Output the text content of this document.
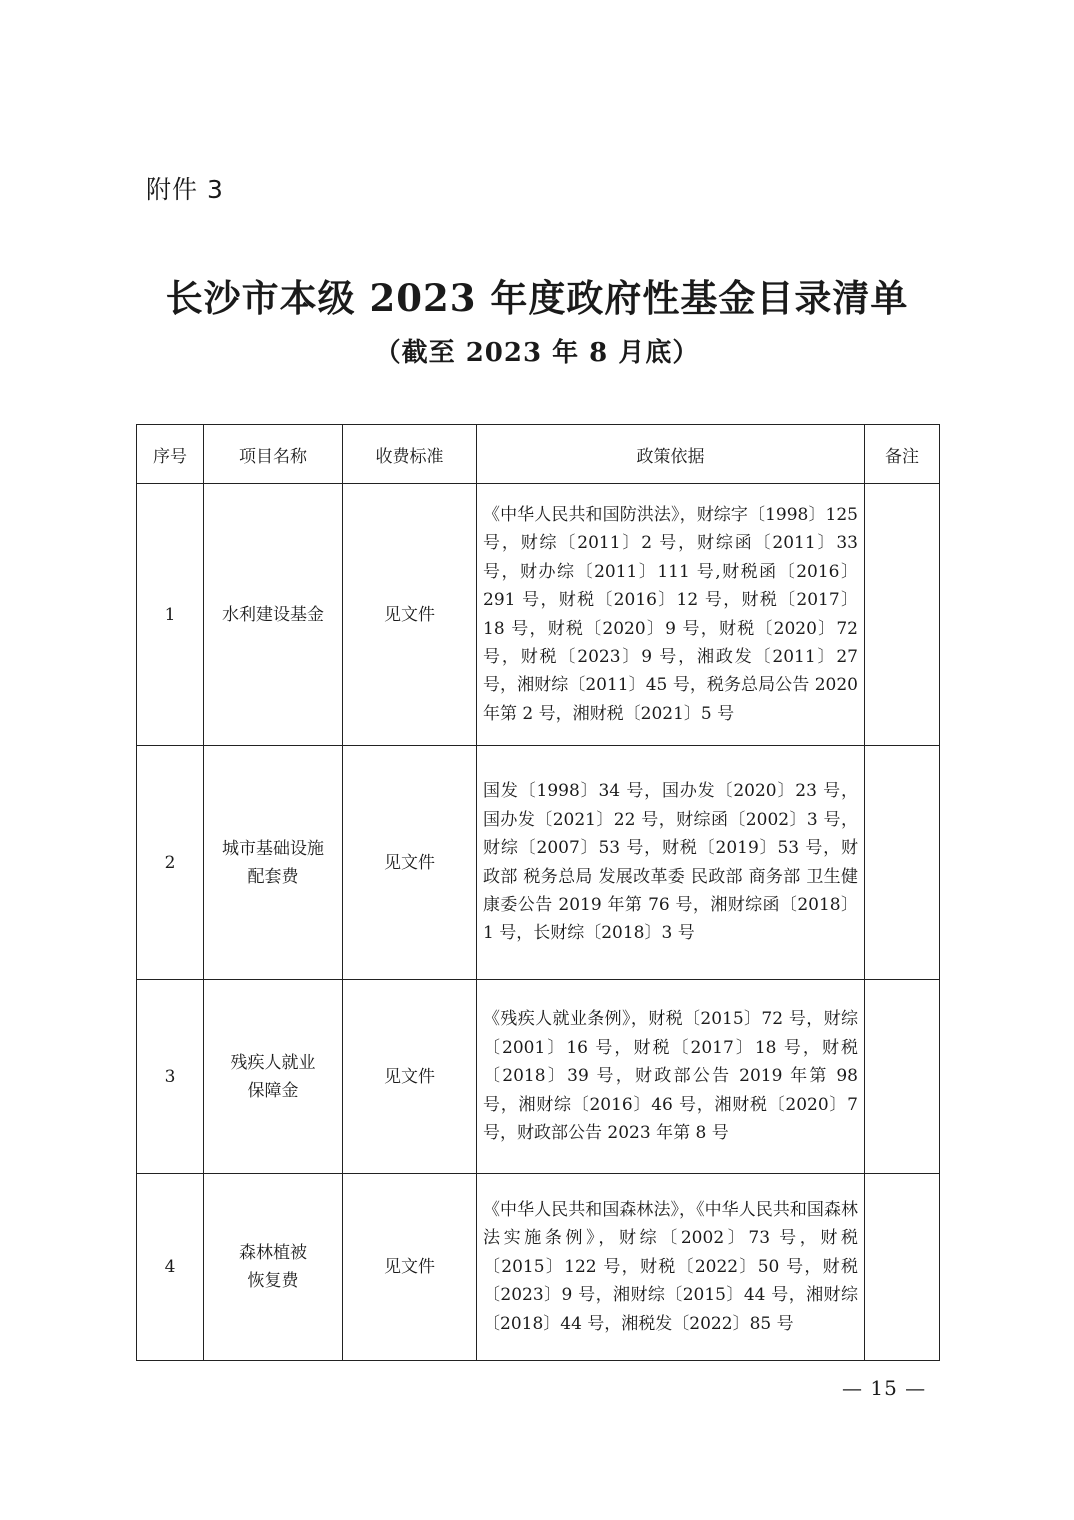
附件 3
长沙市本级 2023 年度政府性基金目录清单
（截至 2023 年 8 月底）
序号	项目名称	收费标准	政策依据	备注
1	水利建设基金	见文件	《中华人民共和国防洪法》，财综字〔1998〕125 号，财综〔2011〕2 号，财综函〔2011〕33 号，财办综〔2011〕111 号,财税函〔2016〕291 号，财税〔2016〕12 号，财税〔2017〕18 号，财税〔2020〕9 号，财税〔2020〕72 号，财税〔2023〕9 号，湘政发〔2011〕27 号，湘财综〔2011〕45 号，税务总局公告 2020 年第 2 号，湘财税〔2021〕5 号	
2	城市基础设施配套费	见文件	国发〔1998〕34 号，国办发〔2020〕23 号，国办发〔2021〕22 号，财综函〔2002〕3 号，财综〔2007〕53 号，财税〔2019〕53 号，财政部 税务总局 发展改革委 民政部 商务部 卫生健康委公告 2019 年第 76 号，湘财综函〔2018〕1 号，长财综〔2018〕3 号	
3	残疾人就业保障金	见文件	《残疾人就业条例》，财税〔2015〕72 号，财综〔2001〕16 号，财税〔2017〕18 号，财税〔2018〕39 号，财政部公告 2019 年第 98 号，湘财综〔2016〕46 号，湘财税〔2020〕7 号，财政部公告 2023 年第 8 号	
4	森林植被恢复费	见文件	《中华人民共和国森林法》，《中华人民共和国森林法实施条例》，财综〔2002〕73 号，财税〔2015〕122 号，财税〔2022〕50 号，财税〔2023〕9 号，湘财综〔2015〕44 号，湘财综〔2018〕44 号，湘税发〔2022〕85 号	
— 15 —
